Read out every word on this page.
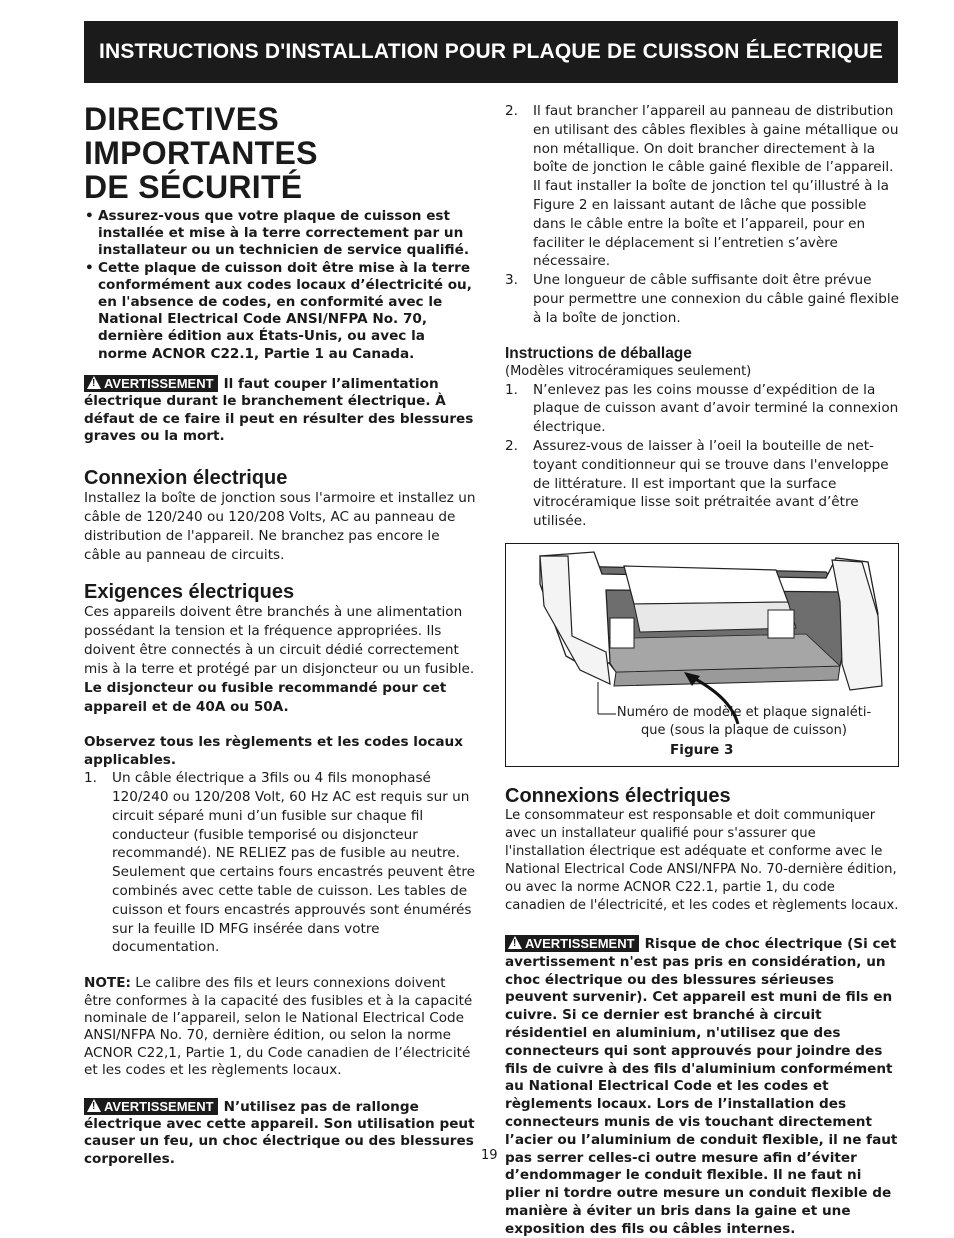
INSTRUCTIONS D'INSTALLATION POUR PLAQUE DE CUISSON ÉLECTRIQUE
DIRECTIVES IMPORTANTES
DE SÉCURITÉ
• Assurez-vous que votre plaque de cuisson est installée et mise à la terre correctement par un installateur ou un technicien de service qualifié.
• Cette plaque de cuisson doit être mise à la terre conformément aux codes locaux d’électricité ou, en l'absence de codes, en conformité avec le National Electrical Code ANSI/NFPA No. 70, dernière édition aux États-Unis, ou avec la norme ACNOR C22.1, Partie 1 au Canada.
! AVERTISSEMENT Il faut couper l’alimentation électrique durant le branchement électrique. À défaut de ce faire il peut en résulter des blessures graves ou la mort.
Connexion électrique

Installez la boîte de jonction sous l'armoire et installez un câble de 120/240 ou 120/208 Volts, AC au panneau de distribution de l'appareil. Ne branchez pas encore le câble au panneau de circuits.

Exigences électriques

Ces appareils doivent être branchés à une alimentation possédant la tension et la fréquence appropriées. Ils doivent être connectés à un circuit dédié correctement mis à la terre et protégé par un disjoncteur ou un fusible. Le disjoncteur ou fusible recommandé pour cet appareil et de 40A ou 50A.

Observez tous les règlements et les codes locaux applicables.

1. Un câble électrique a 3fils ou 4 fils monophasé 120/240 ou 120/208 Volt, 60 Hz AC est requis sur un circuit séparé muni d’un fusible sur chaque fil conducteur (fusible temporisé ou disjoncteur recommandé). NE RELIEZ pas de fusible au neutre. Seulement que certains fours encastrés peuvent être combinés avec cette table de cuisson. Les tables de cuisson et fours encastrés approuvés sont énumérés sur la feuille ID MFG insérée dans votre documentation.

NOTE: Le calibre des fils et leurs connexions doivent être conformes à la capacité des fusibles et à la capacité nominale de l’appareil, selon le National Electrical Code ANSI/NFPA No. 70, dernière édition, ou selon la norme ACNOR C22,1, Partie 1, du Code canadien de l’électricité et les codes et les règlements locaux.

! AVERTISSEMENT N’utilisez pas de rallonge électrique avec cette appareil. Son utilisation peut causer un feu, un choc électrique ou des blessures corporelles.
2. Il faut brancher l’appareil au panneau de distribution en utilisant des câbles flexibles à gaine métallique ou non métallique. On doit brancher directement à la boîte de jonction le câble gainé flexible de l’appareil. Il faut installer la boîte de jonction tel qu’illustré à la Figure 2 en laissant autant de lâche que possible dans le câble entre la boîte et l’appareil, pour en faciliter le déplacement si l’entretien s’avère nécessaire.
3. Une longueur de câble suffisante doit être prévue pour permettre une connexion du câble gainé flexible à la boîte de jonction.
Instructions de déballage
(Modèles vitrocéramiques seulement)
1. N’enlevez pas les coins mousse d’expédition de la plaque de cuisson avant d’avoir terminé la connexion électrique.
2. Assurez-vous de laisser à l’oeil la bouteille de net-toyant conditionneur qui se trouve dans l'enveloppe de littérature. Il est important que la surface vitrocéramique lisse soit prétraitée avant d’être utilisée.
Numéro de modèle et plaque signaléti-que (sous la plaque de cuisson)
Figure 3
Connexions électriques

Le consommateur est responsable et doit communiquer avec un installateur qualifié pour s'assurer que l'installation électrique est adéquate et conforme avec le National Electrical Code ANSI/NFPA No. 70-dernière édition, ou avec la norme ACNOR C22.1, partie 1, du code canadien de l'électricité, et les codes et règlements locaux.

! AVERTISSEMENT Risque de choc électrique (Si cet avertissement n'est pas pris en considération, un choc électrique ou des blessures sérieuses peuvent survenir). Cet appareil est muni de fils en cuivre. Si ce dernier est branché à circuit résidentiel en aluminium, n'utilisez que des connecteurs qui sont approuvés pour joindre des fils de cuivre à des fils d'aluminium conformément au National Electrical Code et les codes et règlements locaux. Lors de l’installation des connecteurs munis de vis touchant directement l’acier ou l’aluminium de conduit flexible, il ne faut pas serrer celles-ci outre mesure afin d’éviter d’endommager le conduit flexible. Il ne faut ni plier ni tordre outre mesure un conduit flexible de manière à éviter un bris dans la gaine et une exposition des fils ou câbles internes.
19
